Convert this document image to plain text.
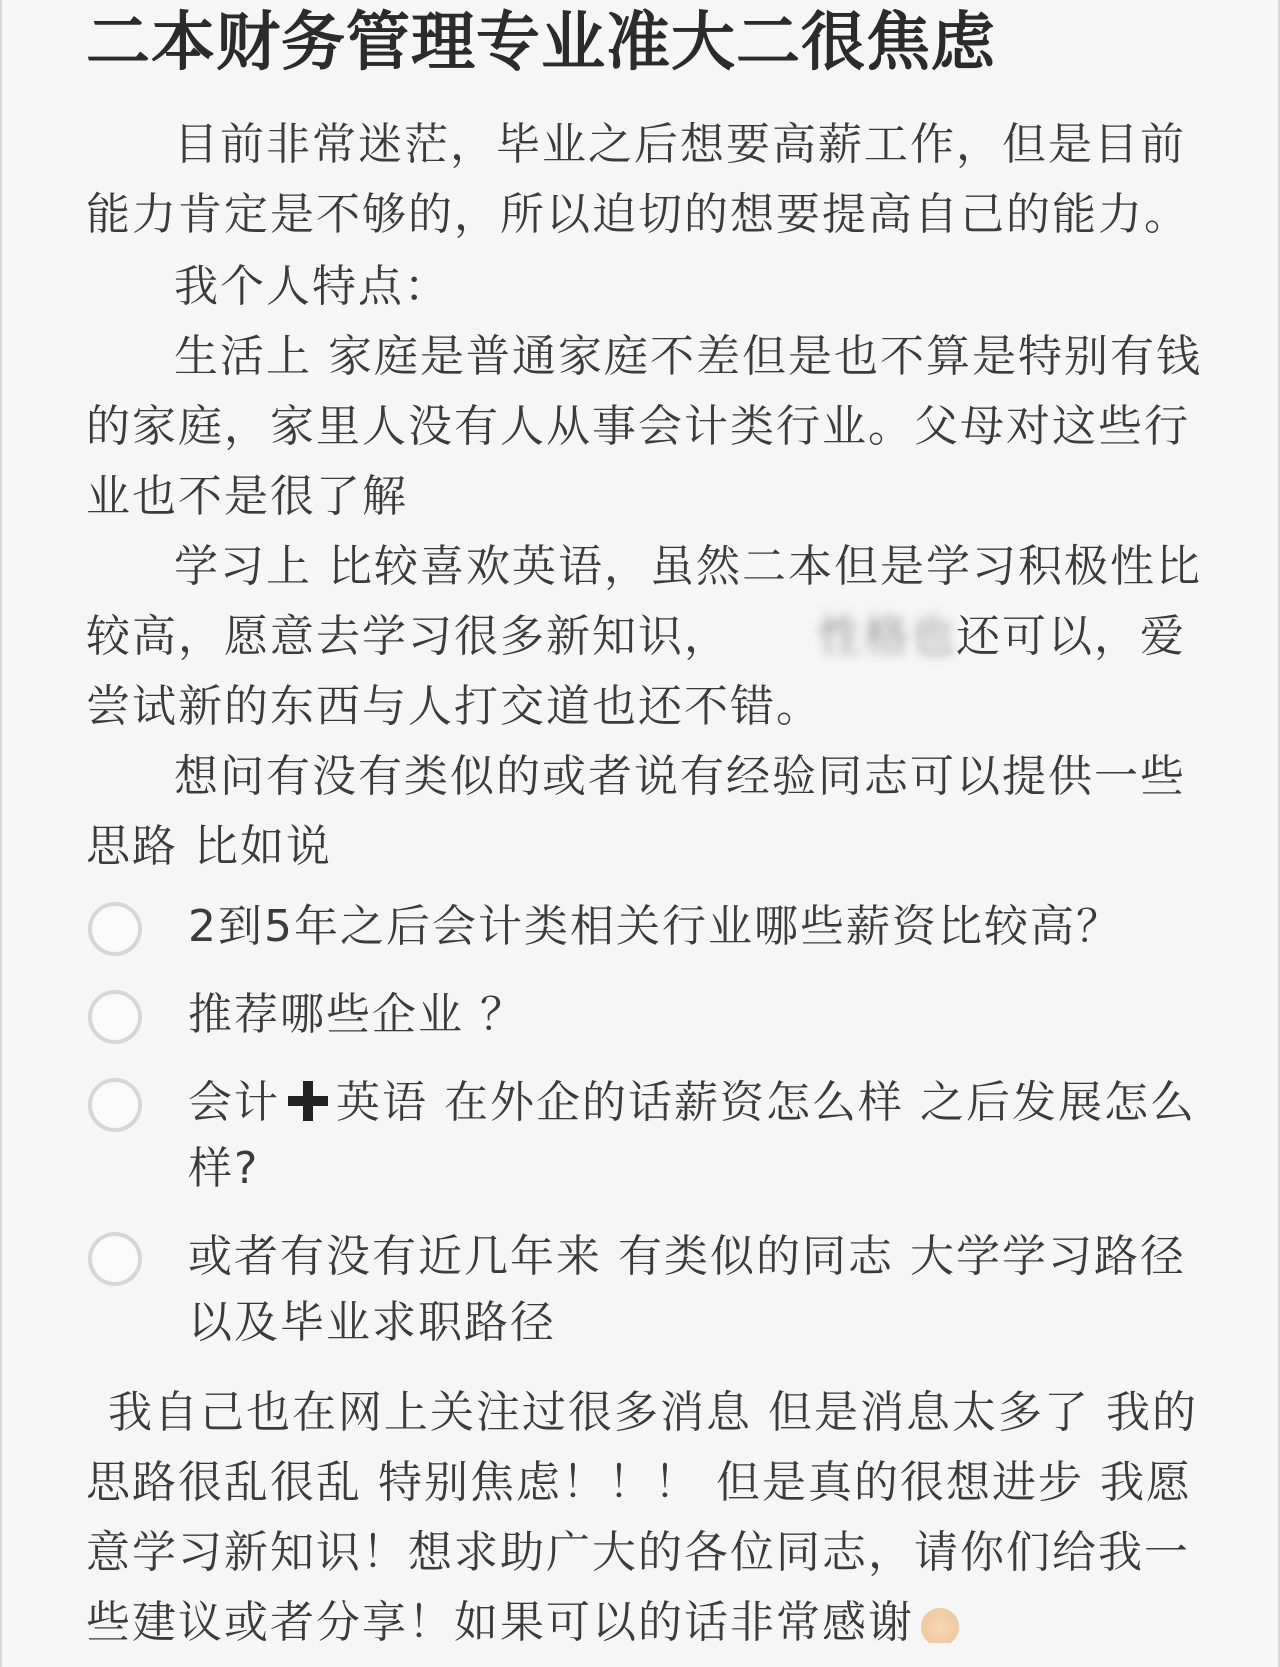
二本财务管理专业准大二很焦虑

目前非常迷茫，毕业之后想要高薪工作，但是目前能力肯定是不够的，所以迫切的想要提高自己的能力。

我个人特点：

生活上 家庭是普通家庭不差但是也不算是特别有钱的家庭，家里人没有人从事会计类行业。父母对这些行业也不是很了解

学习上 比较喜欢英语，虽然二本但是学习积极性比较高，愿意去学习很多新知识， 性格也还可以，爱尝试新的东西与人打交道也还不错。

想问有没有类似的或者说有经验同志可以提供一些思路 比如说

2到5年之后会计类相关行业哪些薪资比较高？
推荐哪些企业 ？
会计 英语 在外企的话薪资怎么样 之后发展怎么样?
或者有没有近几年来 有类似的同志 大学学习路径以及毕业求职路径

我自己也在网上关注过很多消息 但是消息太多了 我的思路很乱很乱 特别焦虑！！！ 但是真的很想进步 我愿意学习新知识！想求助广大的各位同志，请你们给我一些建议或者分享！如果可以的话非常感谢
